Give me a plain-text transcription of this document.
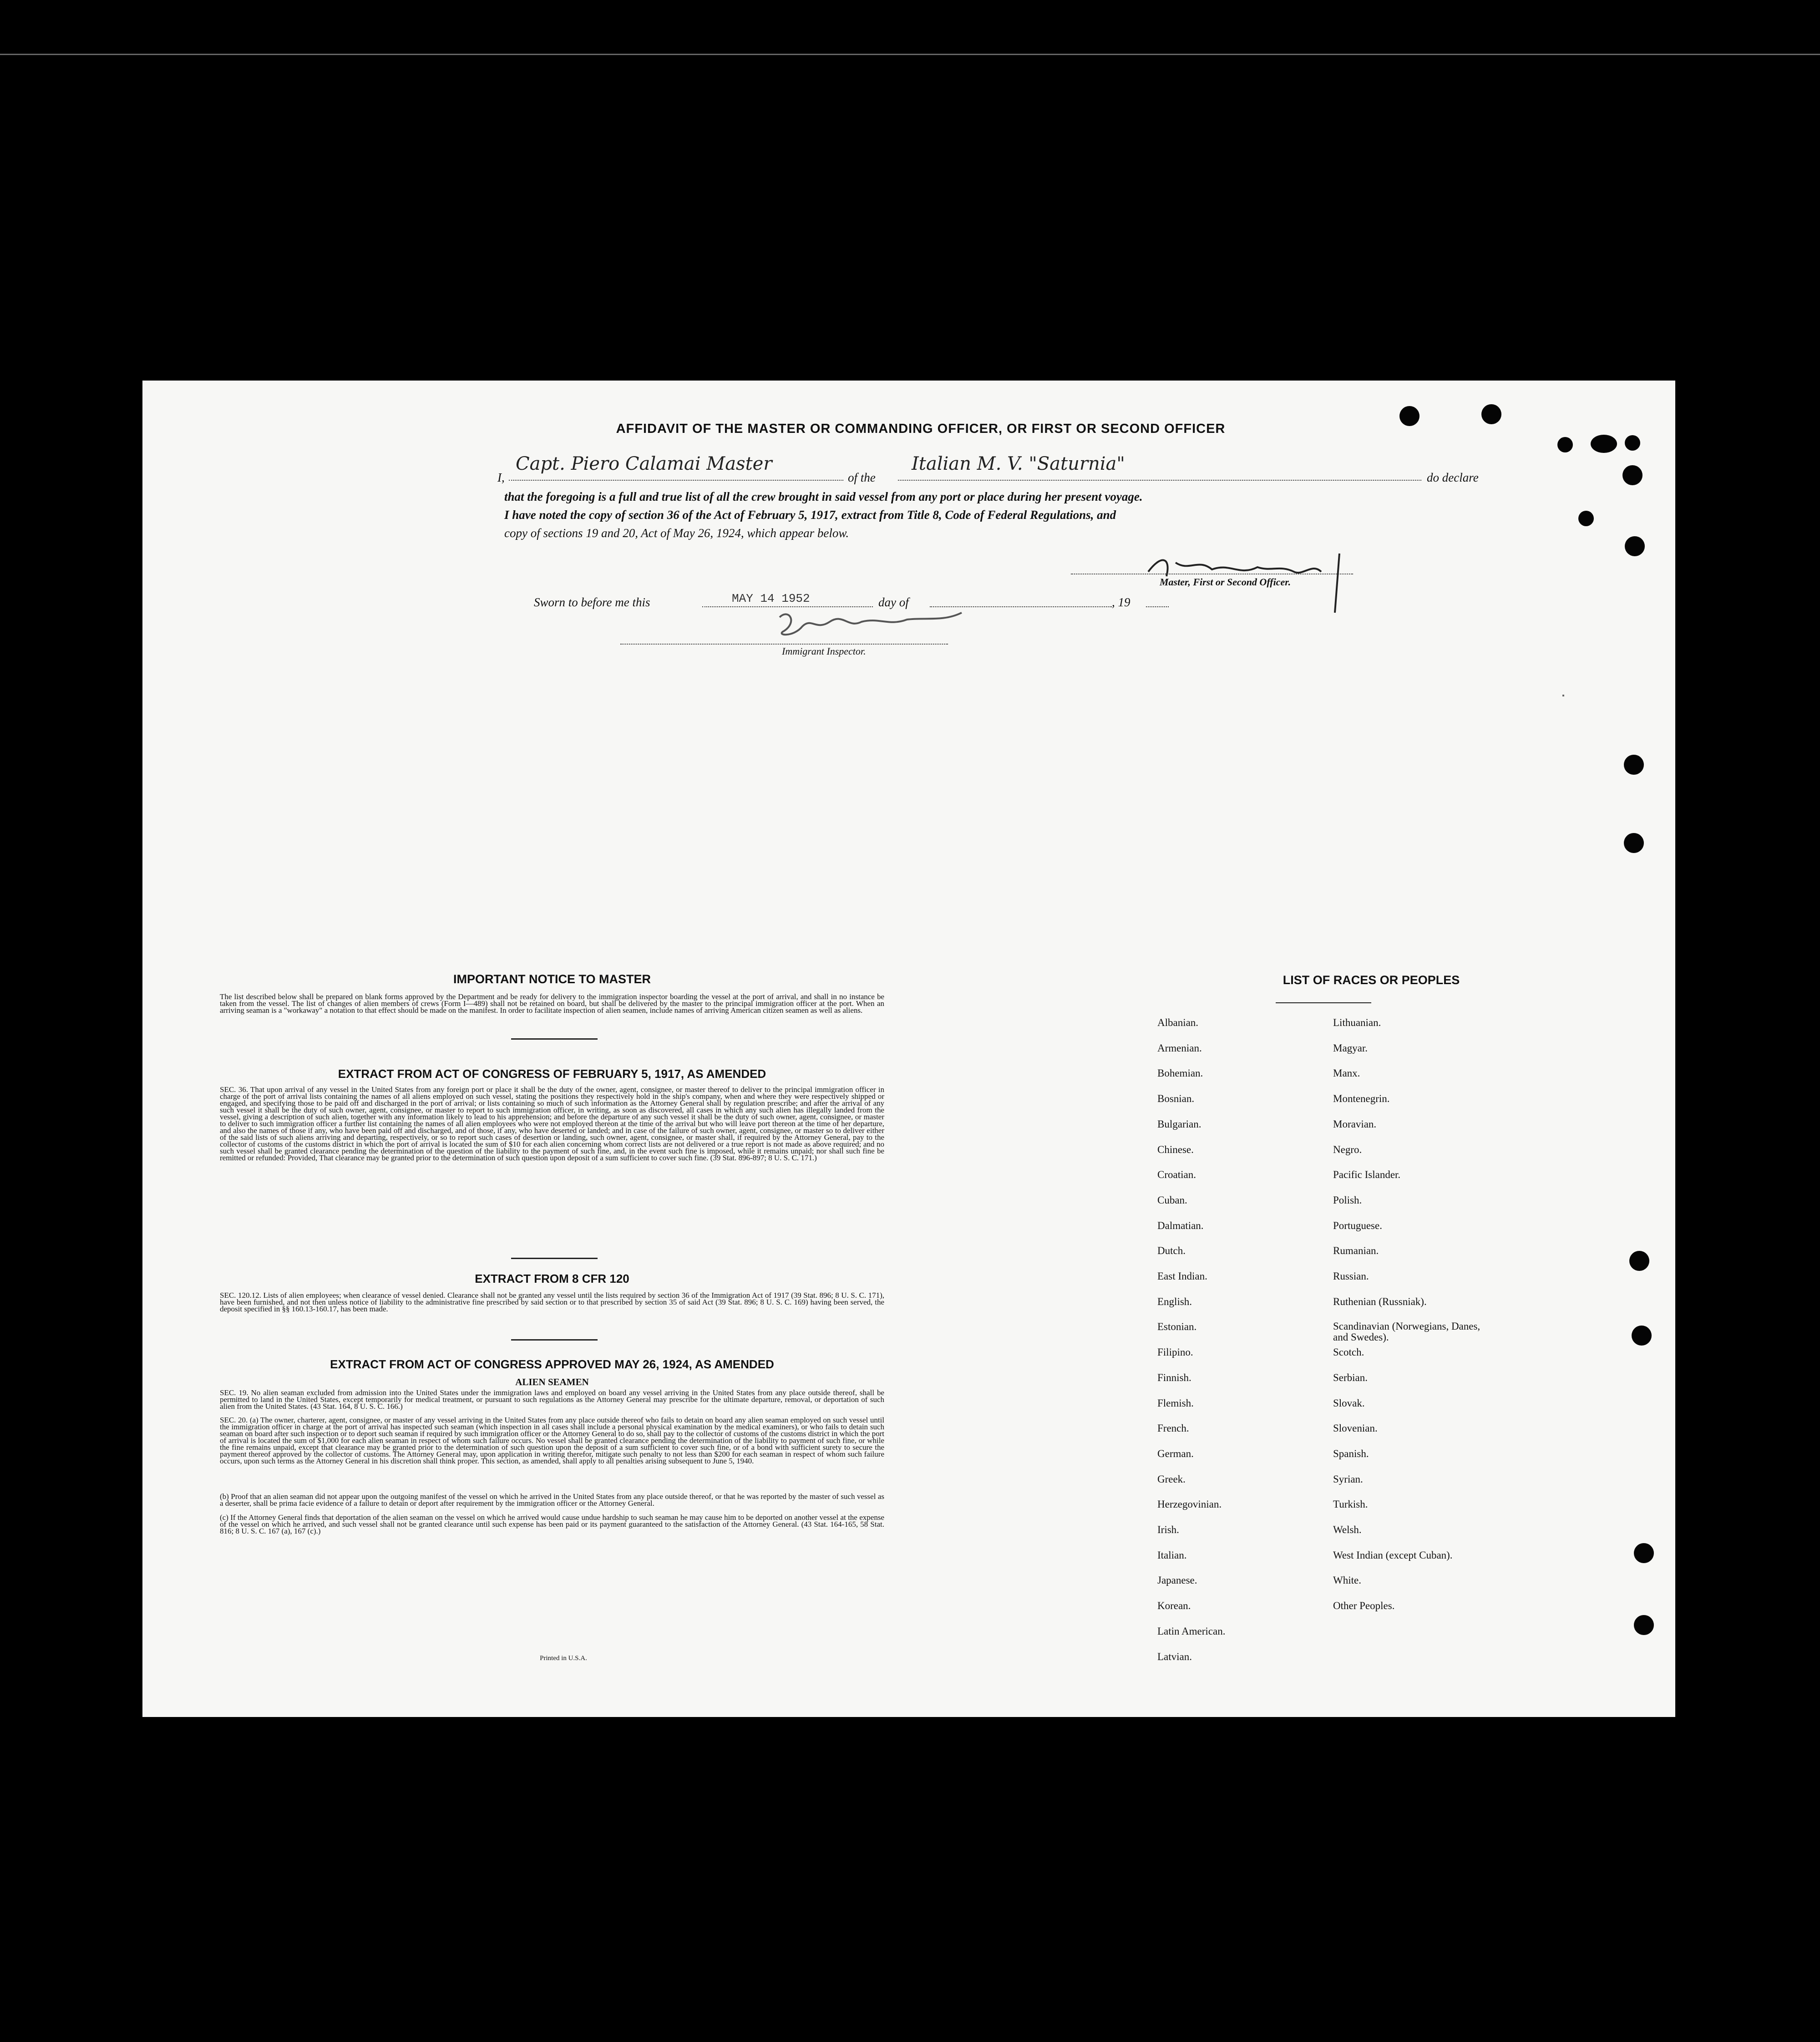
AFFIDAVIT OF THE MASTER OR COMMANDING OFFICER, OR FIRST OR SECOND OFFICER
I,
Capt. Piero Calamai Master
of the
Italian M. V. "Saturnia"
do declare
that the foregoing is a full and true list of all the crew brought in said vessel from any port or place during her present voyage.
I have noted the copy of section 36 of the Act of February 5, 1917, extract from Title 8, Code of Federal Regulations, and
copy of sections 19 and 20, Act of May 26, 1924, which appear below.
Master, First or Second Officer.
Sworn to before me this	MAY 14 1952	day of	, 19
Immigrant Inspector.
IMPORTANT NOTICE TO MASTER
The list described below shall be prepared on blank forms approved by the Department and be ready for delivery to the immigration inspector boarding the vessel at the port of arrival, and shall in no instance be taken from the vessel. The list of changes of alien members of crews (Form I—489) shall not be retained on board, but shall be delivered by the master to the principal immigration officer at the port. When an arriving seaman is a "workaway" a notation to that effect should be made on the manifest. In order to facilitate inspection of alien seamen, include names of arriving American citizen seamen as well as aliens.
EXTRACT FROM ACT OF CONGRESS OF FEBRUARY 5, 1917, AS AMENDED
SEC. 36. That upon arrival of any vessel in the United States from any foreign port or place it shall be the duty of the owner, agent, consignee, or master thereof to deliver to the principal immigration officer in charge of the port of arrival lists containing the names of all aliens employed on such vessel, stating the positions they respectively hold in the ship's company, when and where they were respectively shipped or engaged, and specifying those to be paid off and discharged in the port of arrival; or lists containing so much of such information as the Attorney General shall by regulation prescribe; and after the arrival of any such vessel it shall be the duty of such owner, agent, consignee, or master to report to such immigration officer, in writing, as soon as discovered, all cases in which any such alien has illegally landed from the vessel, giving a description of such alien, together with any information likely to lead to his apprehension; and before the departure of any such vessel it shall be the duty of such owner, agent, consignee, or master to deliver to such immigration officer a further list containing the names of all alien employees who were not employed thereon at the time of the arrival but who will leave port thereon at the time of her departure, and also the names of those if any, who have been paid off and discharged, and of those, if any, who have deserted or landed; and in case of the failure of such owner, agent, consignee, or master so to deliver either of the said lists of such aliens arriving and departing, respectively, or so to report such cases of desertion or landing, such owner, agent, consignee, or master shall, if required by the Attorney General, pay to the collector of customs of the customs district in which the port of arrival is located the sum of $10 for each alien concerning whom correct lists are not delivered or a true report is not made as above required; and no such vessel shall be granted clearance pending the determination of the question of the liability to the payment of such fine, and, in the event such fine is imposed, while it remains unpaid; nor shall such fine be remitted or refunded: Provided, That clearance may be granted prior to the determination of such question upon deposit of a sum sufficient to cover such fine. (39 Stat. 896-897; 8 U. S. C. 171.)
EXTRACT FROM 8 CFR 120
SEC. 120.12. Lists of alien employees; when clearance of vessel denied. Clearance shall not be granted any vessel until the lists required by section 36 of the Immigration Act of 1917 (39 Stat. 896; 8 U. S. C. 171), have been furnished, and not then unless notice of liability to the administrative fine prescribed by said section or to that prescribed by section 35 of said Act (39 Stat. 896; 8 U. S. C. 169) having been served, the deposit specified in §§ 160.13-160.17, has been made.
EXTRACT FROM ACT OF CONGRESS APPROVED MAY 26, 1924, AS AMENDED
ALIEN SEAMEN
SEC. 19. No alien seaman excluded from admission into the United States under the immigration laws and employed on board any vessel arriving in the United States from any place outside thereof, shall be permitted to land in the United States, except temporarily for medical treatment, or pursuant to such regulations as the Attorney General may prescribe for the ultimate departure, removal, or deportation of such alien from the United States. (43 Stat. 164, 8 U. S. C. 166.)
SEC. 20. (a) The owner, charterer, agent, consignee, or master of any vessel arriving in the United States from any place outside thereof who fails to detain on board any alien seaman employed on such vessel until the immigration officer in charge at the port of arrival has inspected such seaman (which inspection in all cases shall include a personal physical examination by the medical examiners), or who fails to detain such seaman on board after such inspection or to deport such seaman if required by such immigration officer or the Attorney General to do so, shall pay to the collector of customs of the customs district in which the port of arrival is located the sum of $1,000 for each alien seaman in respect of whom such failure occurs. No vessel shall be granted clearance pending the determination of the liability to payment of such fine, or while the fine remains unpaid, except that clearance may be granted prior to the determination of such question upon the deposit of a sum sufficient to cover such fine, or of a bond with sufficient surety to secure the payment thereof approved by the collector of customs. The Attorney General may, upon application in writing therefor, mitigate such penalty to not less than $200 for each seaman in respect of whom such failure occurs, upon such terms as the Attorney General in his discretion shall think proper. This section, as amended, shall apply to all penalties arising subsequent to June 5, 1940.
(b) Proof that an alien seaman did not appear upon the outgoing manifest of the vessel on which he arrived in the United States from any place outside thereof, or that he was reported by the master of such vessel as a deserter, shall be prima facie evidence of a failure to detain or deport after requirement by the immigration officer or the Attorney General.
(c) If the Attorney General finds that deportation of the alien seaman on the vessel on which he arrived would cause undue hardship to such seaman he may cause him to be deported on another vessel at the expense of the vessel on which he arrived, and such vessel shall not be granted clearance until such expense has been paid or its payment guaranteed to the satisfaction of the Attorney General. (43 Stat. 164-165, 58 Stat. 816; 8 U. S. C. 167 (a), 167 (c).)
Printed in U.S.A.
LIST OF RACES OR PEOPLES
Albanian.
Armenian.
Bohemian.
Bosnian.
Bulgarian.
Chinese.
Croatian.
Cuban.
Dalmatian.
Dutch.
East Indian.
English.
Estonian.
Filipino.
Finnish.
Flemish.
French.
German.
Greek.
Herzegovinian.
Irish.
Italian.
Japanese.
Korean.
Latin American.
Latvian.
Lithuanian.
Magyar.
Manx.
Montenegrin.
Moravian.
Negro.
Pacific Islander.
Polish.
Portuguese.
Rumanian.
Russian.
Ruthenian (Russniak).
Scandinavian (Norwegians, Danes, and Swedes).
Scotch.
Serbian.
Slovak.
Slovenian.
Spanish.
Syrian.
Turkish.
Welsh.
West Indian (except Cuban).
White.
Other Peoples.
